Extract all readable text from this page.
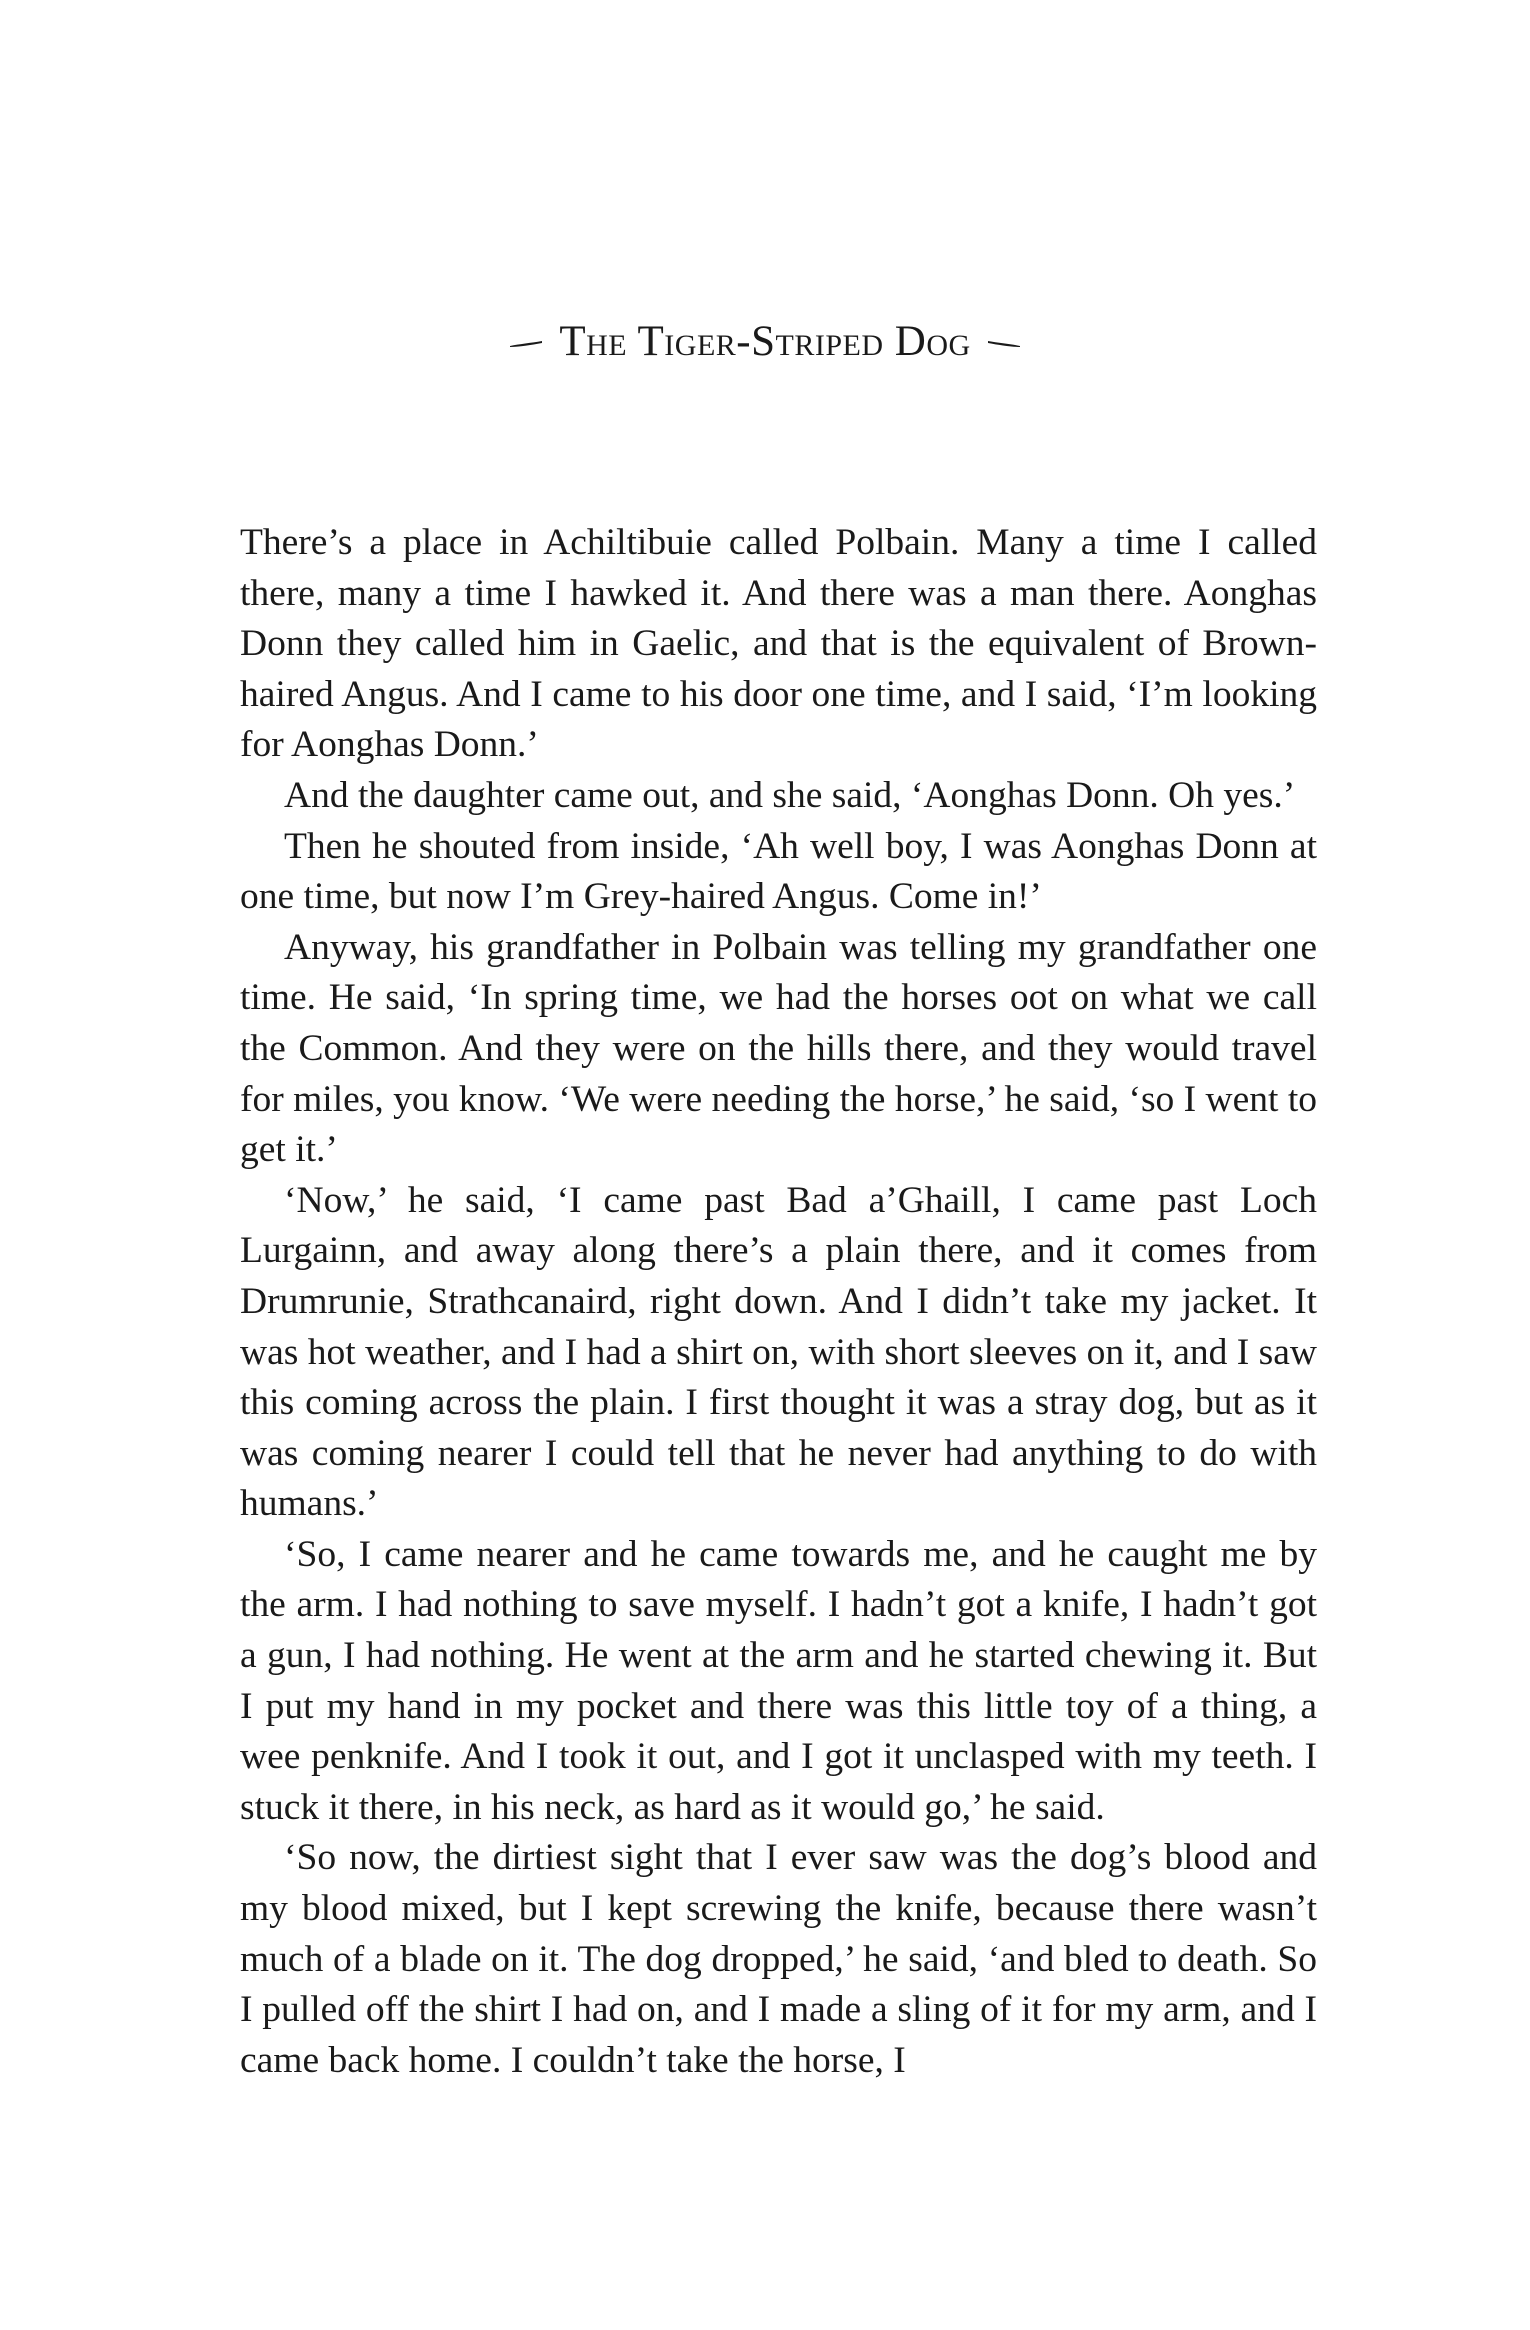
The Tiger-Striped Dog

There’s a place in Achiltibuie called Polbain. Many a time I called there, many a time I hawked it. And there was a man there. Aonghas Donn they called him in Gaelic, and that is the equivalent of Brown-haired Angus. And I came to his door one time, and I said, ‘I’m looking for Aonghas Donn.’

And the daughter came out, and she said, ‘Aonghas Donn. Oh yes.’

Then he shouted from inside, ‘Ah well boy, I was Aonghas Donn at one time, but now I’m Grey-haired Angus. Come in!’

Anyway, his grandfather in Polbain was telling my grandfather one time. He said, ‘In spring time, we had the horses oot on what we call the Common. And they were on the hills there, and they would travel for miles, you know. ‘We were needing the horse,’ he said, ‘so I went to get it.’

‘Now,’ he said, ‘I came past Bad a’Ghaill, I came past Loch Lurgainn, and away along there’s a plain there, and it comes from Drumrunie, Strathcanaird, right down. And I didn’t take my jacket. It was hot weather, and I had a shirt on, with short sleeves on it, and I saw this coming across the plain. I first thought it was a stray dog, but as it was coming nearer I could tell that he never had anything to do with humans.’

‘So, I came nearer and he came towards me, and he caught me by the arm. I had nothing to save myself. I hadn’t got a knife, I hadn’t got a gun, I had nothing. He went at the arm and he started chewing it. But I put my hand in my pocket and there was this little toy of a thing, a wee penknife. And I took it out, and I got it unclasped with my teeth. I stuck it there, in his neck, as hard as it would go,’ he said.

‘So now, the dirtiest sight that I ever saw was the dog’s blood and my blood mixed, but I kept screwing the knife, because there wasn’t much of a blade on it. The dog dropped,’ he said, ‘and bled to death. So I pulled off the shirt I had on, and I made a sling of it for my arm, and I came back home. I couldn’t take the horse, I
